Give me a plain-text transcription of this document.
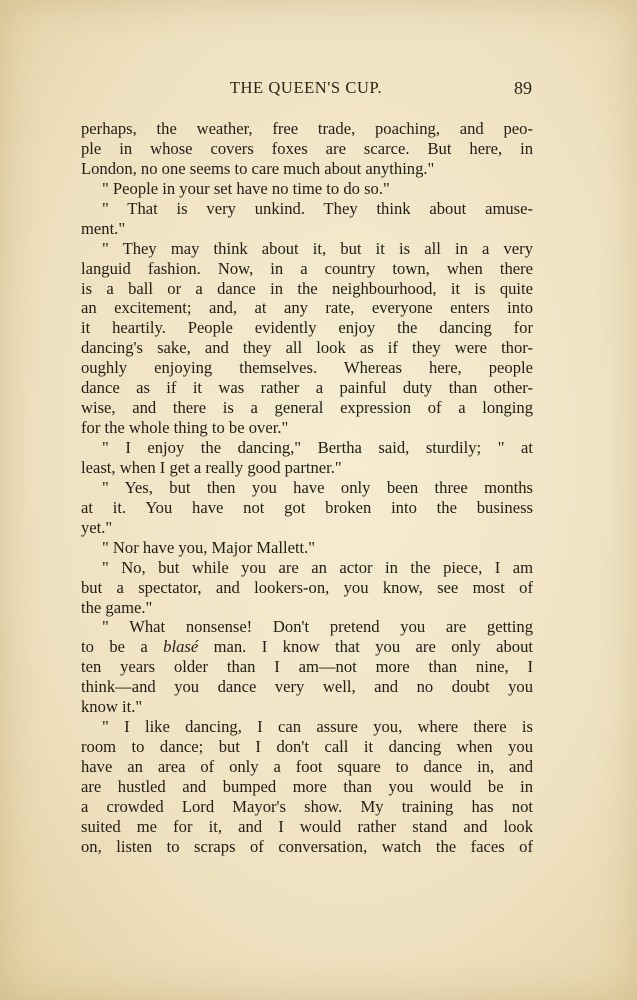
THE QUEEN'S CUP.	89
perhaps, the weather, free trade, poaching, and peo-
ple in whose covers foxes are scarce. But here, in
London, no one seems to care much about anything."
" People in your set have no time to do so."
" That is very unkind. They think about amuse-
ment."
" They may think about it, but it is all in a very
languid fashion. Now, in a country town, when there
is a ball or a dance in the neighbourhood, it is quite
an excitement; and, at any rate, everyone enters into
it heartily. People evidently enjoy the dancing for
dancing's sake, and they all look as if they were thor-
oughly enjoying themselves. Whereas here, people
dance as if it was rather a painful duty than other-
wise, and there is a general expression of a longing
for the whole thing to be over."
" I enjoy the dancing," Bertha said, sturdily; " at
least, when I get a really good partner."
" Yes, but then you have only been three months
at it. You have not got broken into the business
yet."
" Nor have you, Major Mallett."
" No, but while you are an actor in the piece, I am
but a spectator, and lookers-on, you know, see most of
the game."
" What nonsense! Don't pretend you are getting
to be a blasé man. I know that you are only about
ten years older than I am—not more than nine, I
think—and you dance very well, and no doubt you
know it."
" I like dancing, I can assure you, where there is
room to dance; but I don't call it dancing when you
have an area of only a foot square to dance in, and
are hustled and bumped more than you would be in
a crowded Lord Mayor's show. My training has not
suited me for it, and I would rather stand and look
on, listen to scraps of conversation, watch the faces of
